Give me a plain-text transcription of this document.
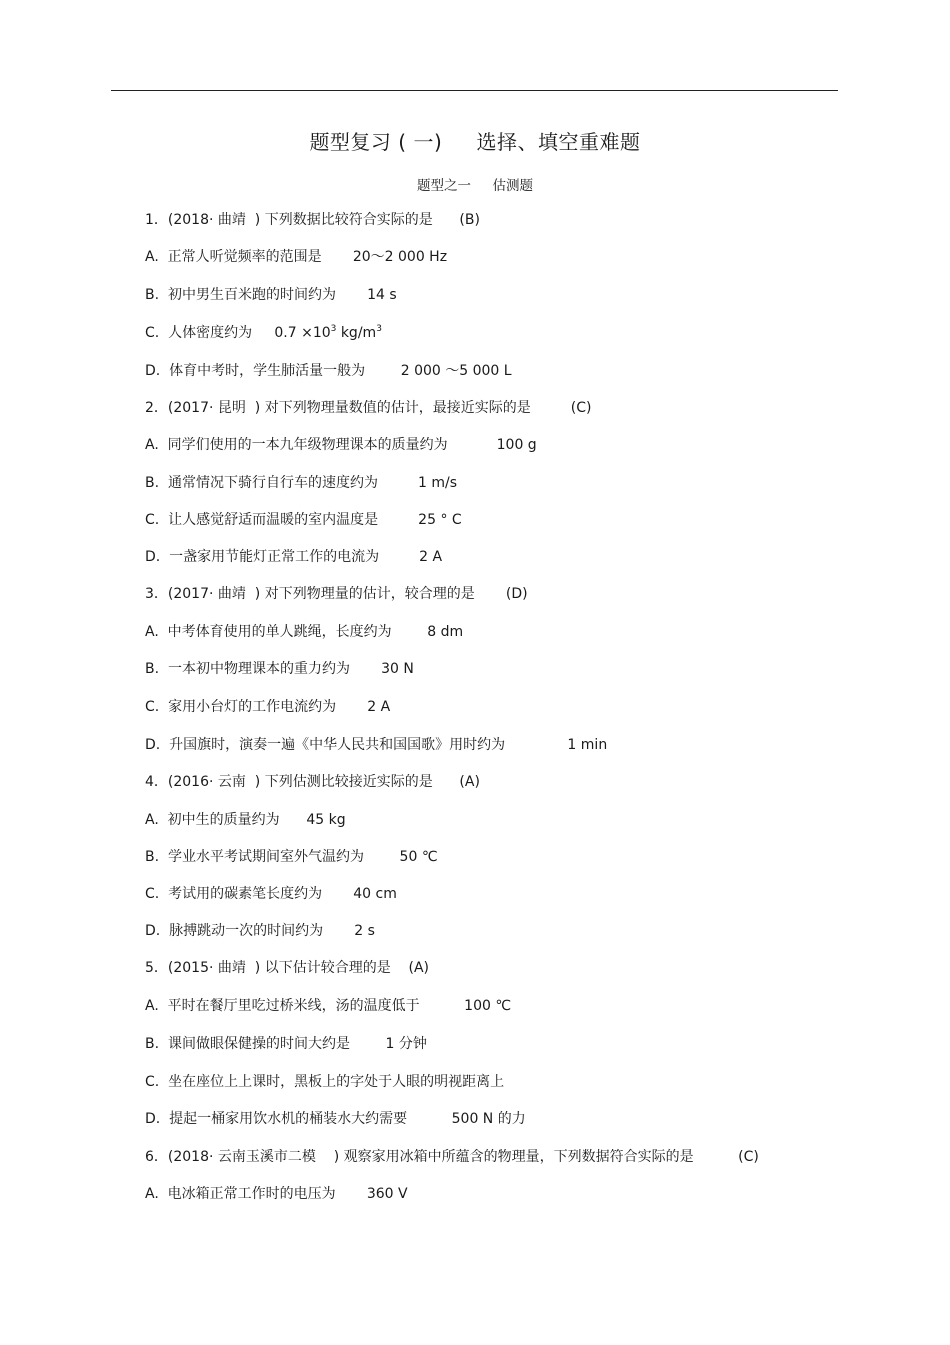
题型复习 ( 一)     选择、填空重难题
题型之一     估测题
1．(2018· 曲靖  ) 下列数据比较符合实际的是      (B)
A.  正常人听觉频率的范围是       20～2 000 Hz
B.  初中男生百米跑的时间约为       14 s
C.  人体密度约为     $0.7 \times 10^3$ $kg/m^3$
D.  体育中考时，学生肺活量一般为        2 000 ～5 000 L
2．(2017· 昆明  ) 对下列物理量数值的估计，最接近实际的是         (C)
A.  同学们使用的一本九年级物理课本的质量约为           100 g
B.  通常情况下骑行自行车的速度约为         1 m/s
C.  让人感觉舒适而温暖的室内温度是         25 ° C
D.  一盏家用节能灯正常工作的电流为         2 A
3．(2017· 曲靖  ) 对下列物理量的估计，较合理的是       (D)
A.  中考体育使用的单人跳绳，长度约为        8 dm
B.  一本初中物理课本的重力约为       30 N
C.  家用小台灯的工作电流约为       2 A
D.  升国旗时，演奏一遍《中华人民共和国国歌》用时约为              1 min
4．(2016· 云南  ) 下列估测比较接近实际的是      (A)
A.  初中生的质量约为      45 kg
B.  学业水平考试期间室外气温约为        50 ℃
C.  考试用的碳素笔长度约为       40 cm
D.  脉搏跳动一次的时间约为       2 s
5．(2015· 曲靖  ) 以下估计较合理的是    (A)
A.  平时在餐厅里吃过桥米线，汤的温度低于          100 ℃
B.  课间做眼保健操的时间大约是        1 分钟
C.  坐在座位上上课时，黑板上的字处于人眼的明视距离上
D.  提起一桶家用饮水机的桶装水大约需要          500 N 的力
6．(2018· 云南玉溪市二模    ) 观察家用冰箱中所蕴含的物理量，下列数据符合实际的是          (C)
A.  电冰箱正常工作时的电压为       360 V
